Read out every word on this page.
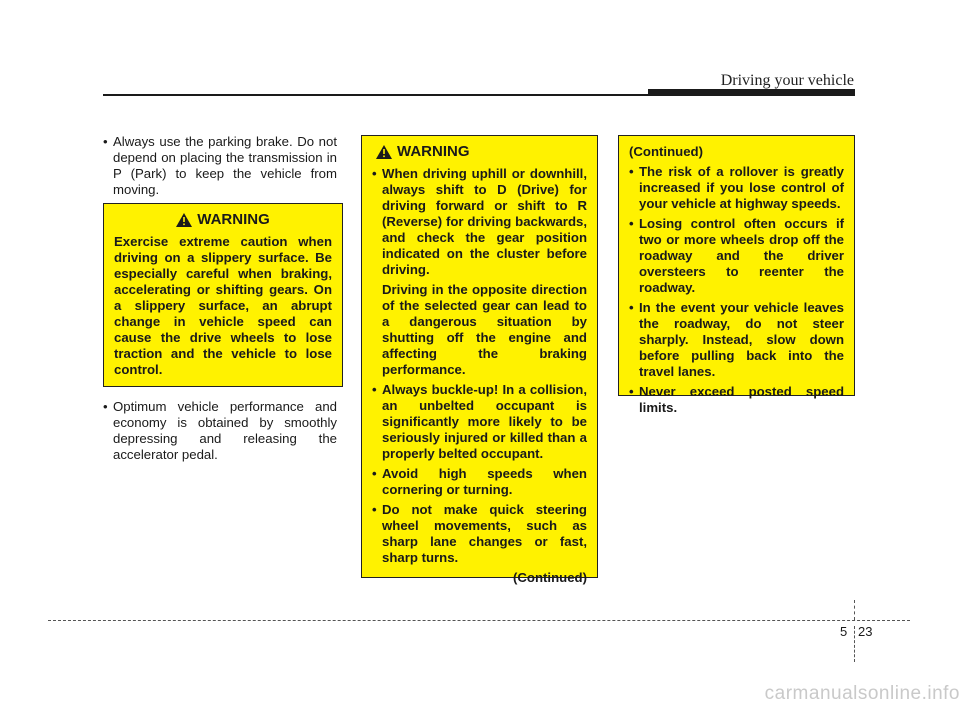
Driving your vehicle
• Always use the parking brake. Do not depend on placing the transmission in P (Park) to keep the vehicle from moving.
WARNING
Exercise extreme caution when driving on a slippery surface. Be especially careful when braking, accelerating or shifting gears. On a slippery surface, an abrupt change in vehicle speed can cause the drive wheels to lose traction and the vehicle to lose control.
• Optimum vehicle performance and economy is obtained by smoothly depressing and releasing the accelerator pedal.
WARNING
• When driving uphill or downhill, always shift to D (Drive) for driving forward or shift to R (Reverse) for driving backwards, and check the gear position indicated on the cluster before driving.
Driving in the opposite direction of the selected gear can lead to a dangerous situation by shutting off the engine and affecting the braking performance.
• Always buckle-up! In a collision, an unbelted occupant is significantly more likely to be seriously injured or killed than a properly belted occupant.
• Avoid high speeds when cornering or turning.
• Do not make quick steering wheel movements, such as sharp lane changes or fast, sharp turns.
(Continued)
(Continued)
• The risk of a rollover is greatly increased if you lose control of your vehicle at highway speeds.
• Losing control often occurs if two or more wheels drop off the roadway and the driver oversteers to reenter the roadway.
• In the event your vehicle leaves the roadway, do not steer sharply. Instead, slow down before pulling back into the travel lanes.
• Never exceed posted speed limits.
5 23
carmanualsonline.info
